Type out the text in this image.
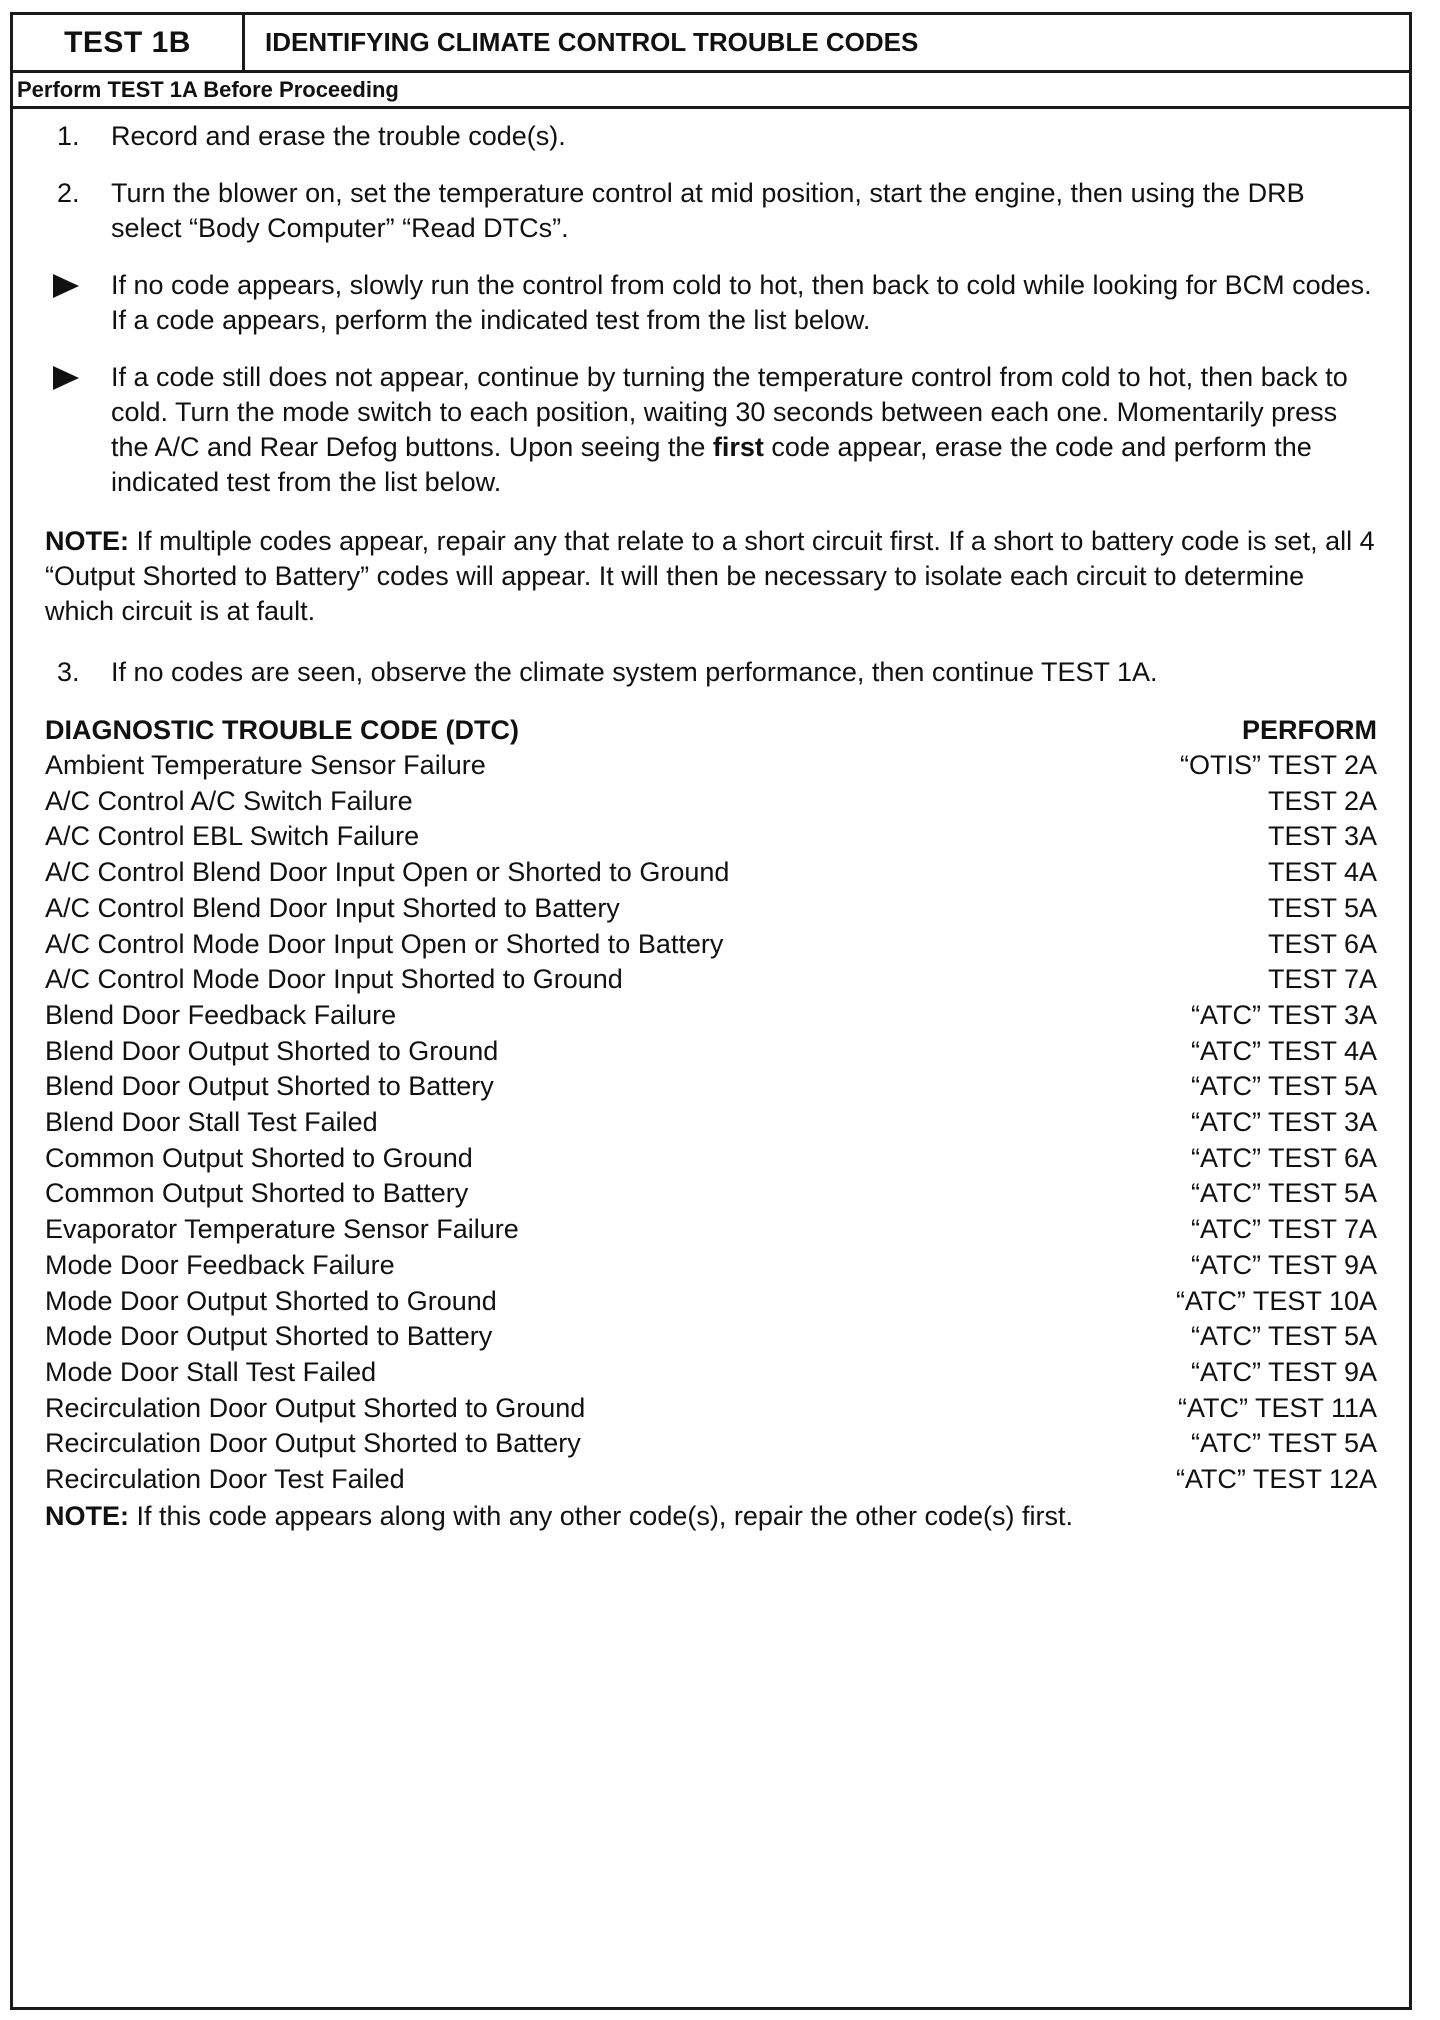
TEST 1B	IDENTIFYING CLIMATE CONTROL TROUBLE CODES
Perform TEST 1A Before Proceeding
1.	Record and erase the trouble code(s).
2.	Turn the blower on, set the temperature control at mid position, start the engine, then using the DRB select “Body Computer” “Read DTCs”.
If no code appears, slowly run the control from cold to hot, then back to cold while looking for BCM codes. If a code appears, perform the indicated test from the list below.
If a code still does not appear, continue by turning the temperature control from cold to hot, then back to cold. Turn the mode switch to each position, waiting 30 seconds between each one. Momentarily press the A/C and Rear Defog buttons. Upon seeing the first code appear, erase the code and perform the indicated test from the list below.
NOTE: If multiple codes appear, repair any that relate to a short circuit first. If a short to battery code is set, all 4 “Output Shorted to Battery” codes will appear. It will then be necessary to isolate each circuit to determine which circuit is at fault.
3.	If no codes are seen, observe the climate system performance, then continue TEST 1A.
DIAGNOSTIC TROUBLE CODE (DTC)	PERFORM
Ambient Temperature Sensor Failure	“OTIS” TEST 2A
A/C Control A/C Switch Failure	TEST 2A
A/C Control EBL Switch Failure	TEST 3A
A/C Control Blend Door Input Open or Shorted to Ground	TEST 4A
A/C Control Blend Door Input Shorted to Battery	TEST 5A
A/C Control Mode Door Input Open or Shorted to Battery	TEST 6A
A/C Control Mode Door Input Shorted to Ground	TEST 7A
Blend Door Feedback Failure	“ATC” TEST 3A
Blend Door Output Shorted to Ground	“ATC” TEST 4A
Blend Door Output Shorted to Battery	“ATC” TEST 5A
Blend Door Stall Test Failed	“ATC” TEST 3A
Common Output Shorted to Ground	“ATC” TEST 6A
Common Output Shorted to Battery	“ATC” TEST 5A
Evaporator Temperature Sensor Failure	“ATC” TEST 7A
Mode Door Feedback Failure	“ATC” TEST 9A
Mode Door Output Shorted to Ground	“ATC” TEST 10A
Mode Door Output Shorted to Battery	“ATC” TEST 5A
Mode Door Stall Test Failed	“ATC” TEST 9A
Recirculation Door Output Shorted to Ground	“ATC” TEST 11A
Recirculation Door Output Shorted to Battery	“ATC” TEST 5A
Recirculation Door Test Failed	“ATC” TEST 12A
NOTE: If this code appears along with any other code(s), repair the other code(s) first.
